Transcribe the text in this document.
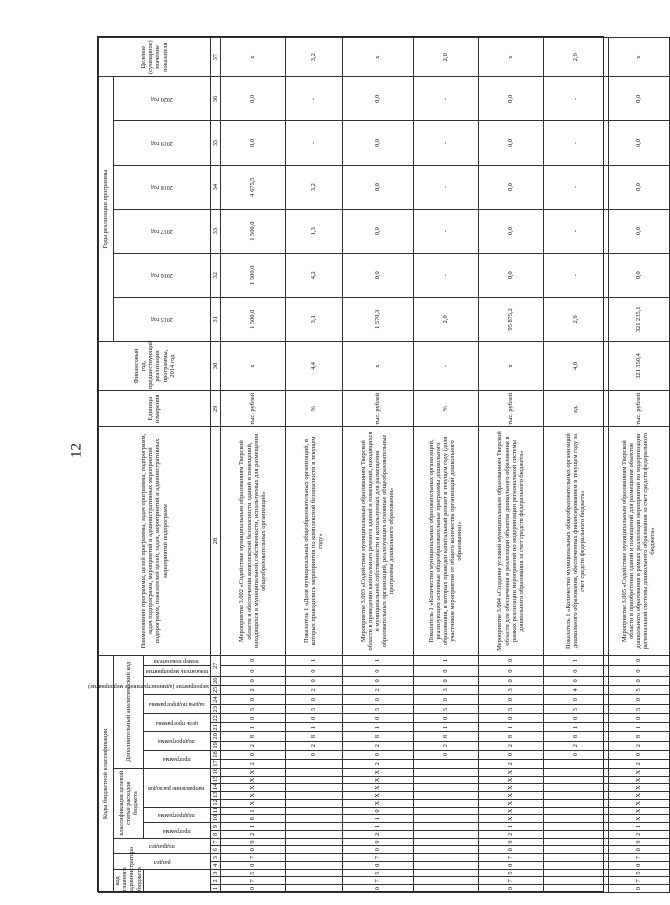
12
Коды бюджетной классификации																												Наименование программы, целей программы, задач программы, подпрограмм, задач подпрограмм, мероприятий и административных мероприятий подпрограмм, показателей целей, задач, мероприятий и административных мероприятий подпрограмм	Единица измерения	Финансовый год, предшествующий реализации программы, 2014 год	Годы реализации программы						Целевое (суммарное) значение показателя
код главного администратора бюджета			раздел		подраздел		классификация целевой статьи расходов бюджета									Дополнительный аналитический код															2015 год	2016 год	2017 год	2018 год	2019 год	2020 год	

							программа		подпрограмма		направление расходов					программа		подпрограмма		цель программы		задача подпрограммы		мероприятие (административное мероприятие)		показатель мероприятия	номер показателя										

1	2	3	4	5	6	7	8	9	10	11	12	13	14	15	16	17	18	19	20	21	22	23	24	25	26	27		28	29	30	31	32	33	34	35	36	37
0	7	5	0	7	0	9	2	1	8	1	Х	Х	Х	Х	Х	2	0	2	8	1	0	5	0	2	0	0	0	Мероприятие 3.002 «Содействие муниципальным образованиям Тверской области в обеспечении комплексной безопасности зданий и помещений, находящихся в муниципальной собственности, используемых для размещения общеобразовательных организаций»	тыс. рублей	х	1 500,0	1 500,0	1 500,0	4 675,5	0,0	0,0	х
																	0	2	8	1	0	5	0	2	0	0	1	Показатель 1 «Доля муниципальных общеобразовательных организаций, в которых проводились мероприятия по комплексной безопасности в текущем году»	%	4,4	3,1	4,2	1,3	3,2	-	-	3,2
0	7	5	0	7	0	9	2	1	1	0	Х	Х	Х	Х	Х	2	0	2	8	1	0	5	0	2	0	0	1	Мероприятие 3.003 «Содействие муниципальным образованиям Тверской области в проведении капитального ремонта зданий и помещений, находящихся в муниципальной собственности и используемых для размещения образовательных организаций, реализующих основные общеобразовательные программы дошкольного образования»	тыс. рублей	х	1 570,3	0,0	0,0	0,0	0,0	0,0	х
																	0	2	8	1	0	5	0	3	0	0	1	Показатель 1 «Количество муниципальных образовательных организаций, реализующих основные общеобразовательные программы дошкольного образования, в которых проведен капитальный ремонт в текущем году (доля участников мероприятия от общего количества организаций дошкольного образования)»	%	-	2,0	-	-	-	-	-	2,0
0	7	5	0	7	0	9	2	1	Х	Х	Х	Х	Х	Х	Х	2	0	2	8	1	0	5	0	3	0	0	0	Мероприятие 3.004 «Создание условий муниципальным образованиям Тверской области для обеспечения и реализации объектов дошкольного образования в рамках реализации мероприятий по модернизации региональной системы дошкольного образования за счет средств федерального бюджета»	тыс. рублей	х	95 875,2	0,0	0,0	0,0	0,0	0,0	х
																	0	2	8	1	0	5	0	4	0	0	1	Показатель 1 «Количество муниципальных общеобразовательных организаций дошкольного образования, обеспеченных финансированием в текущем году за счет средств федерального бюджета»	ед.	4,0	2,9	-	-	-	-	-	2,9
0	7	5	0	7	0	9	2	1	Х	Х	Х	Х	Х	Х	Х	2	0	2	8	1	0	5	0	5	0	0	0	Мероприятие 3.005 «Содействие муниципальным образованиям Тверской области в приобретении зданий и помещений для размещения объектов дошкольного образования в рамках реализации мероприятий по модернизации региональной системы дошкольного образования за счет средств федерального бюджета»	тыс. рублей	321 350,4	321 235,1	0,0	0,0	0,0	0,0	0,0	х
